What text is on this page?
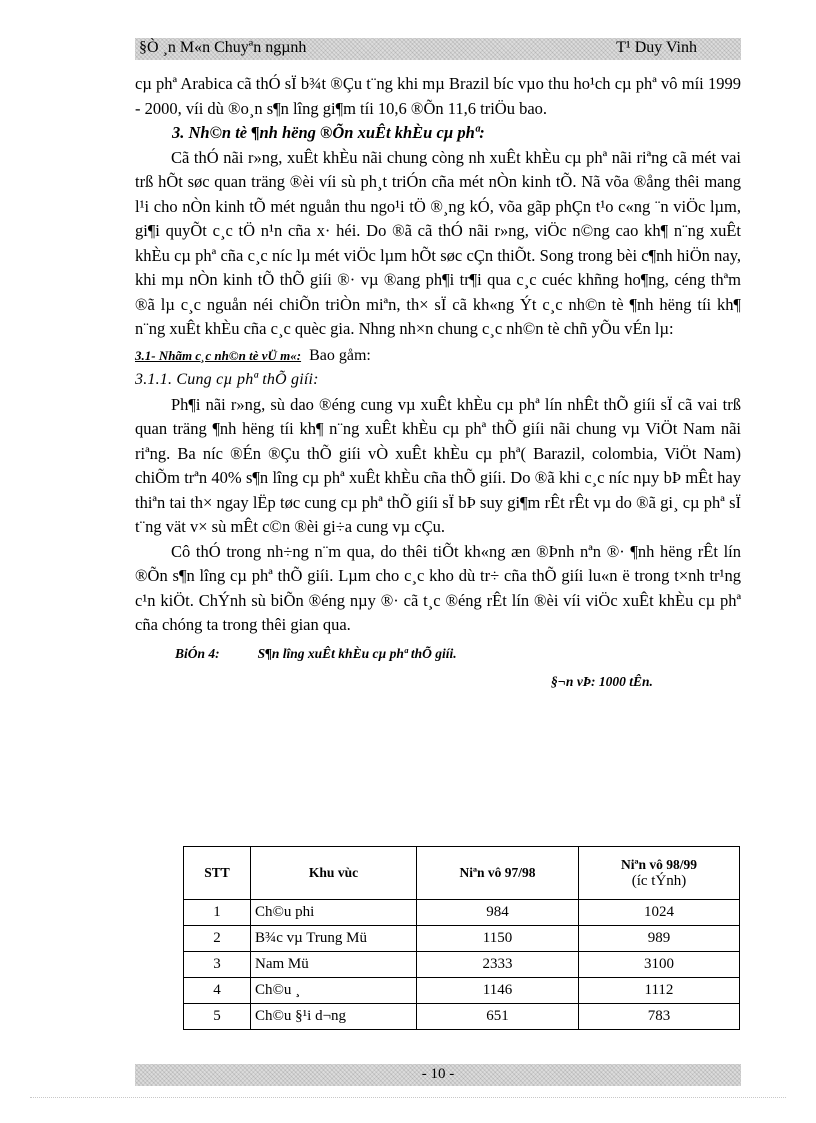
§Ò ¸n M«n Chuyªn ngµnh	T¹ Duy Vinh

cµ phª Arabica cã thÓ sÏ b¾t ®Çu t¨ng khi mµ Brazil bíc vµo thu ho¹ch cµ phª vô míi 1999 - 2000, víi dù ®o¸n s¶n lîng gi¶m tíi 10,6 ®Õn 11,6 triÖu bao.

3. Nh©n tè ¶nh hëng ®Õn xuÊt khÈu cµ phª:

Cã thÓ nãi r»ng, xuÊt khÈu nãi chung còng nh xuÊt khÈu cµ phª nãi riªng cã mét vai trß hÕt søc quan träng ®èi víi sù ph¸t triÓn cña mét nÒn kinh tÕ. Nã võa ®ång thêi mang l¹i cho nÒn kinh tÕ mét nguån thu ngo¹i tÖ ®¸ng kÓ, võa gãp phÇn t¹o c«ng ¨n viÖc lµm, gi¶i quyÕt c¸c tÖ n¹n cña x· héi. Do ®ã cã thÓ nãi r»ng, viÖc n©ng cao kh¶ n¨ng xuÊt khÈu cµ phª cña c¸c níc lµ mét viÖc lµm hÕt søc cÇn thiÕt. Song trong bèi c¶nh hiÖn nay, khi mµ nÒn kinh tÕ thÕ giíi ®· vµ ®ang ph¶i tr¶i qua c¸c cuéc khñng ho¶ng, céng thªm ®ã lµ c¸c nguån néi chiÕn triÒn miªn, th× sÏ cã kh«ng Ýt c¸c nh©n tè ¶nh hëng tíi kh¶ n¨ng xuÊt khÈu cña c¸c quèc gia. Nhng nh×n chung c¸c nh©n tè chñ yÕu vÉn lµ:

3.1- Nhãm c¸c nh©n tè vÜ m«: Bao gåm:

3.1.1. Cung cµ phª thÕ giíi:

Ph¶i nãi r»ng, sù dao ®éng cung vµ xuÊt khÈu cµ phª lín nhÊt thÕ giíi sÏ cã vai trß quan träng ¶nh hëng tíi kh¶ n¨ng xuÊt khÈu cµ phª thÕ giíi nãi chung vµ ViÖt Nam nãi riªng. Ba níc ®Én ®Çu thÕ giíi vÒ xuÊt khÈu cµ phª( Barazil, colombia, ViÖt Nam) chiÕm trªn 40% s¶n lîng cµ phª xuÊt khÈu cña thÕ giíi. Do ®ã khi c¸c níc nµy bÞ mÊt hay thiªn tai th× ngay lËp tøc cung cµ phª thÕ giíi sÏ bÞ suy gi¶m rÊt rÊt vµ do ®ã gi¸ cµ phª sÏ t¨ng vät v× sù mÊt c©n ®èi gi÷a cung vµ cÇu.

Cô thÓ trong nh÷ng n¨m qua, do thêi tiÕt kh«ng æn ®Þnh nªn ®· ¶nh hëng rÊt lín ®Õn s¶n lîng cµ phª thÕ giíi. Lµm cho c¸c kho dù tr÷ cña thÕ giíi lu«n ë trong t×nh tr¹ng c¹n kiÖt. ChÝnh sù biÕn ®éng nµy ®· cã t¸c ®éng rÊt lín ®èi víi viÖc xuÊt khÈu cµ phª cña chóng ta trong thêi gian qua.

BiÓn 4:	S¶n lîng xuÊt khÈu cµ phª thÕ giíi.

§¬n vÞ: 1000 tÊn.

STT	Khu vùc	Niªn vô 97/98	Niªn vô 98/99
(íc tÝnh)

1	Ch©u phi	984	1024
2	B¾c vµ Trung Mü	1150	989
3	Nam Mü	2333	3100
4	Ch©u ¸	1146	1112
5	Ch©u §¹i d¬ng	651	783
- 10 -
